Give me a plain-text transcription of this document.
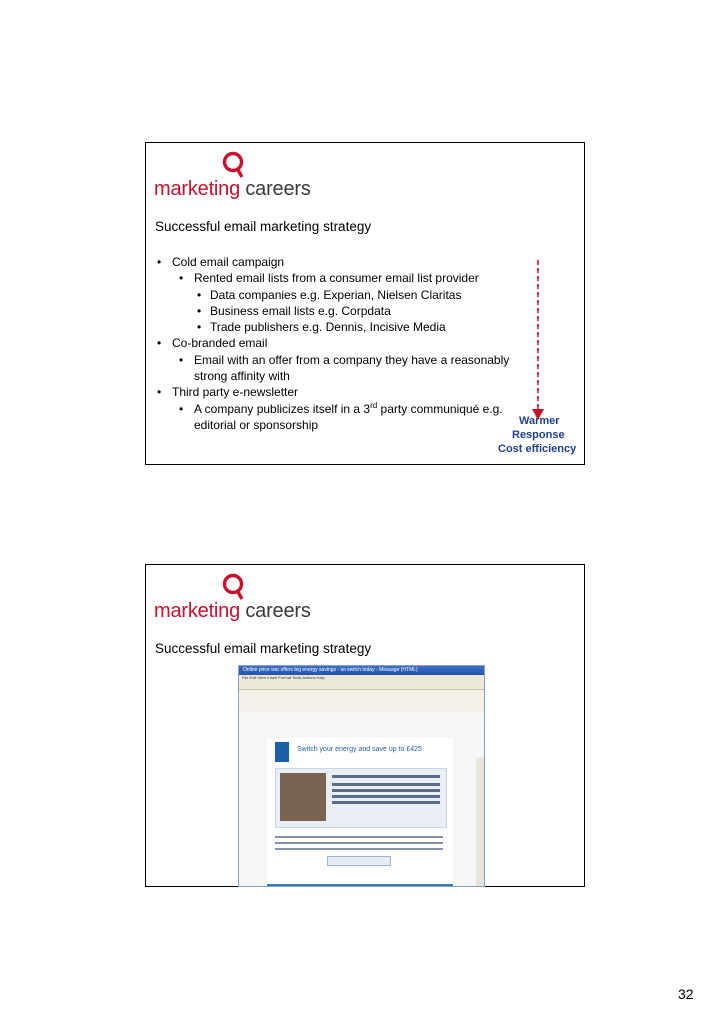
marketing careers
Successful email marketing strategy
• Cold email campaign
• Rented email lists from a consumer email list provider
• Data companies e.g. Experian, Nielsen Claritas
• Business email lists e.g. Corpdata
• Trade publishers e.g. Dennis, Incisive Media
• Co-branded email
• Email with an offer from a company they have a reasonably
strong affinity with
• Third party e-newsletter
• A company publicizes itself in a 3rd party communiqué e.g.
editorial or sponsorship	Warmer
Response
Cost efficiency
marketing careers
Successful email marketing strategy
Online price war offers big energy savings - so switch today - Message (HTML)
File Edit View Insert Format Tools Actions Help
Switch your energy and save up to £425
32
